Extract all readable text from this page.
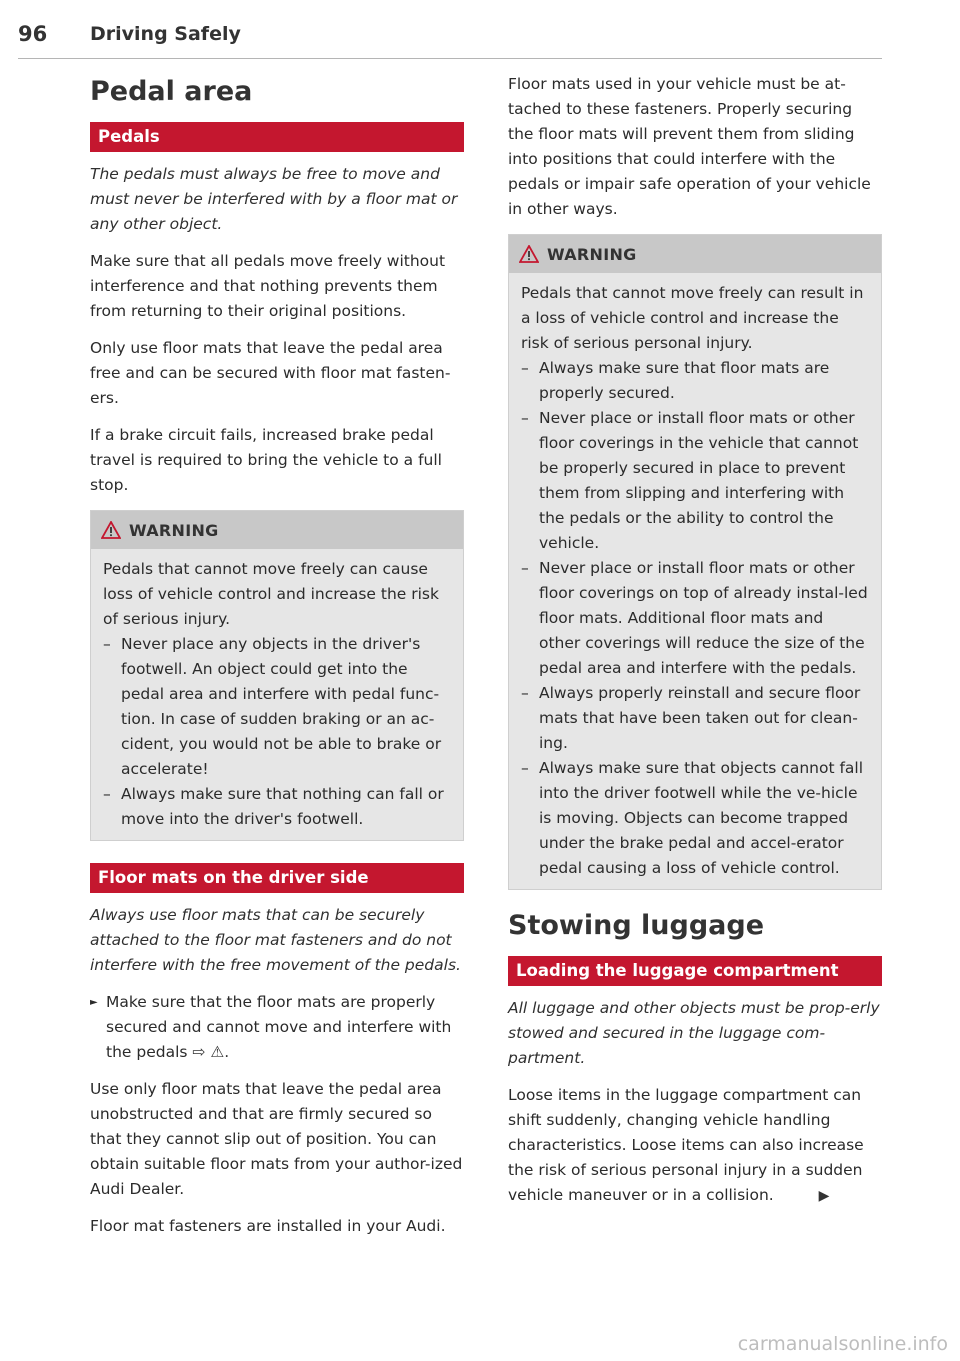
96 Driving Safely
Pedal area
Pedals

The pedals must always be free to move and must never be interfered with by a floor mat or any other object.

Make sure that all pedals move freely without interference and that nothing prevents them from returning to their original positions.

Only use floor mats that leave the pedal area free and can be secured with floor mat fasten-ers.

If a brake circuit fails, increased brake pedal travel is required to bring the vehicle to a full stop.

WARNING

Pedals that cannot move freely can cause loss of vehicle control and increase the risk of serious injury.

– Never place any objects in the driver's footwell. An object could get into the pedal area and interfere with pedal func-tion. In case of sudden braking or an ac-cident, you would not be able to brake or accelerate!
– Always make sure that nothing can fall or move into the driver's footwell.
Floor mats on the driver side

Always use floor mats that can be securely attached to the floor mat fasteners and do not interfere with the free movement of the pedals.

► Make sure that the floor mats are properly secured and cannot move and interfere with the pedals ⇨ ⚠.

Use only floor mats that leave the pedal area unobstructed and that are firmly secured so that they cannot slip out of position. You can obtain suitable floor mats from your author-ized Audi Dealer.

Floor mat fasteners are installed in your Audi.

Floor mats used in your vehicle must be at-tached to these fasteners. Properly securing the floor mats will prevent them from sliding into positions that could interfere with the pedals or impair safe operation of your vehicle in other ways.

WARNING

Pedals that cannot move freely can result in a loss of vehicle control and increase the risk of serious personal injury.

– Always make sure that floor mats are properly secured.
– Never place or install floor mats or other floor coverings in the vehicle that cannot be properly secured in place to prevent them from slipping and interfering with the pedals or the ability to control the vehicle.
– Never place or install floor mats or other floor coverings on top of already instal-led floor mats. Additional floor mats and other coverings will reduce the size of the pedal area and interfere with the pedals.
– Always properly reinstall and secure floor mats that have been taken out for clean-ing.
– Always make sure that objects cannot fall into the driver footwell while the ve-hicle is moving. Objects can become trapped under the brake pedal and accel-erator pedal causing a loss of vehicle control.
Stowing luggage
Loading the luggage compartment

All luggage and other objects must be prop-erly stowed and secured in the luggage com-partment.

Loose items in the luggage compartment can shift suddenly, changing vehicle handling characteristics. Loose items can also increase the risk of serious personal injury in a sudden vehicle maneuver or in a collision.	▶

carmanualsonline.info
